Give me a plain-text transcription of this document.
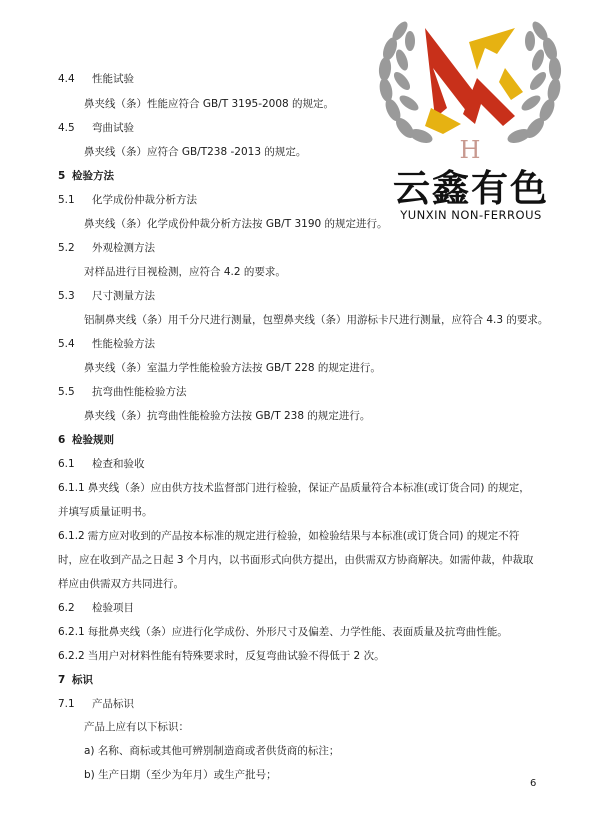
H
云鑫有色
YUNXIN NON-FERROUS
4.4 性能试验
鼻夹线（条）性能应符合 GB/T 3195-2008 的规定。
4.5 弯曲试验
鼻夹线（条）应符合 GB/T238 -2013 的规定。
5 检验方法
5.1 化学成份仲裁分析方法
鼻夹线（条）化学成份仲裁分析方法按 GB/T 3190 的规定进行。
5.2 外观检测方法
对样品进行目视检测，应符合 4.2 的要求。
5.3 尺寸测量方法
铝制鼻夹线（条）用千分尺进行测量，包塑鼻夹线（条）用游标卡尺进行测量，应符合 4.3 的要求。
5.4 性能检验方法
鼻夹线（条）室温力学性能检验方法按 GB/T 228 的规定进行。
5.5 抗弯曲性能检验方法
鼻夹线（条）抗弯曲性能检验方法按 GB/T 238 的规定进行。
6 检验规则
6.1 检查和验收
6.1.1 鼻夹线（条）应由供方技术监督部门进行检验，保证产品质量符合本标准(或订货合同) 的规定，
并填写质量证明书。
6.1.2 需方应对收到的产品按本标准的规定进行检验，如检验结果与本标准(或订货合同) 的规定不符
时，应在收到产品之日起 3 个月内，以书面形式向供方提出，由供需双方协商解决。如需仲裁，仲裁取
样应由供需双方共同进行。
6.2 检验项目
6.2.1 每批鼻夹线（条）应进行化学成份、外形尺寸及偏差、力学性能、表面质量及抗弯曲性能。
6.2.2 当用户对材料性能有特殊要求时，反复弯曲试验不得低于 2 次。
7 标识
7.1 产品标识
产品上应有以下标识：
a) 名称、商标或其他可辨别制造商或者供货商的标注；
b) 生产日期（至少为年月）或生产批号；
6
